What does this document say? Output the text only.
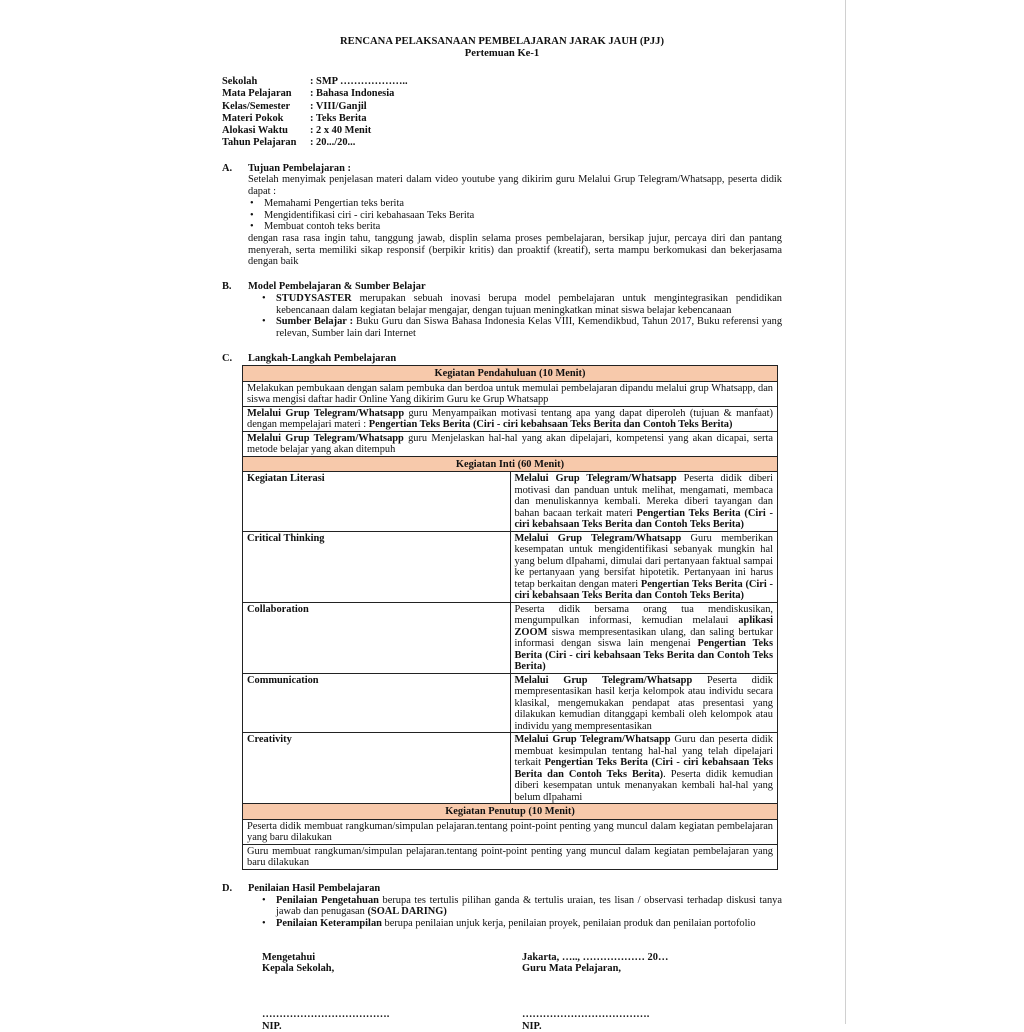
RENCANA PELAKSANAAN PEMBELAJARAN JARAK JAUH (PJJ)
Pertemuan Ke-1
Sekolah	: SMP ………………..
Mata Pelajaran	: Bahasa Indonesia
Kelas/Semester	: VIII/Ganjil
Materi Pokok	: Teks Berita
Alokasi Waktu	: 2 x 40 Menit
Tahun Pelajaran	: 20.../20...
A.	Tujuan Pembelajaran :
Setelah menyimak penjelasan materi dalam video youtube yang dikirim guru Melalui Grup Telegram/Whatsapp, peserta didik dapat :
• Memahami Pengertian teks berita
• Mengidentifikasi ciri - ciri kebahasaan Teks Berita
• Membuat contoh teks berita
dengan rasa rasa ingin tahu, tanggung jawab, displin selama proses pembelajaran, bersikap jujur, percaya diri dan pantang menyerah, serta memiliki sikap responsif (berpikir kritis) dan proaktif (kreatif), serta mampu berkomukasi dan bekerjasama dengan baik
B.	Model Pembelajaran & Sumber Belajar
• STUDYSASTER merupakan sebuah inovasi berupa model pembelajaran untuk mengintegrasikan pendidikan kebencanaan dalam kegiatan belajar mengajar, dengan tujuan meningkatkan minat siswa belajar kebencanaan
• Sumber Belajar : Buku Guru dan Siswa Bahasa Indonesia Kelas VIII, Kemendikbud, Tahun 2017, Buku referensi yang relevan, Sumber lain dari Internet
C.	Langkah-Langkah Pembelajaran
Kegiatan Pendahuluan (10 Menit)	
Melakukan pembukaan dengan salam pembuka dan berdoa untuk memulai pembelajaran dipandu melalui grup Whatsapp, dan siswa mengisi daftar hadir Online Yang dikirim Guru ke Grup Whatsapp	
Melalui Grup Telegram/Whatsapp guru Menyampaikan motivasi tentang apa yang dapat diperoleh (tujuan & manfaat) dengan mempelajari materi : Pengertian Teks Berita (Ciri - ciri kebahsaan Teks Berita dan Contoh Teks Berita)	
Melalui Grup Telegram/Whatsapp guru Menjelaskan hal-hal yang akan dipelajari, kompetensi yang akan dicapai, serta metode belajar yang akan ditempuh	
Kegiatan Inti (60 Menit)	
Kegiatan Literasi	Melalui Grup Telegram/Whatsapp Peserta didik diberi motivasi dan panduan untuk melihat, mengamati, membaca dan menuliskannya kembali. Mereka diberi tayangan dan bahan bacaan terkait materi Pengertian Teks Berita (Ciri - ciri kebahsaan Teks Berita dan Contoh Teks Berita)
Critical Thinking	Melalui Grup Telegram/Whatsapp Guru memberikan kesempatan untuk mengidentifikasi sebanyak mungkin hal yang belum dIpahami, dimulai dari pertanyaan faktual sampai ke pertanyaan yang bersifat hipotetik. Pertanyaan ini harus tetap berkaitan dengan materi Pengertian Teks Berita (Ciri - ciri kebahsaan Teks Berita dan Contoh Teks Berita)
Collaboration	Peserta didik bersama orang tua mendiskusikan, mengumpulkan informasi, kemudian melalaui aplikasi ZOOM siswa mempresentasikan ulang, dan saling bertukar informasi dengan siswa lain mengenai Pengertian Teks Berita (Ciri - ciri kebahsaan Teks Berita dan Contoh Teks Berita)
Communication	Melalui Grup Telegram/Whatsapp Peserta didik mempresentasikan hasil kerja kelompok atau individu secara klasikal, mengemukakan pendapat atas presentasi yang dilakukan kemudian ditanggapi kembali oleh kelompok atau individu yang mempresentasikan
Creativity	Melalui Grup Telegram/Whatsapp Guru dan peserta didik membuat kesimpulan tentang hal-hal yang telah dipelajari terkait Pengertian Teks Berita (Ciri - ciri kebahsaan Teks Berita dan Contoh Teks Berita). Peserta didik kemudian diberi kesempatan untuk menanyakan kembali hal-hal yang belum dIpahami
Kegiatan Penutup (10 Menit)	
Peserta didik membuat rangkuman/simpulan pelajaran.tentang point-point penting yang muncul dalam kegiatan pembelajaran yang baru dilakukan	
Guru membuat rangkuman/simpulan pelajaran.tentang point-point penting yang muncul dalam kegiatan pembelajaran yang baru dilakukan	
D.	Penilaian Hasil Pembelajaran
• Penilaian Pengetahuan berupa tes tertulis pilihan ganda & tertulis uraian, tes lisan / observasi terhadap diskusi tanya jawab dan penugasan (SOAL DARING)
• Penilaian Keterampilan berupa penilaian unjuk kerja, penilaian proyek, penilaian produk dan penilaian portofolio
Mengetahui
Kepala Sekolah,
……………………………….
NIP.
Jakarta, ….., ……………… 20…
Guru Mata Pelajaran,
……………………………….
NIP.
